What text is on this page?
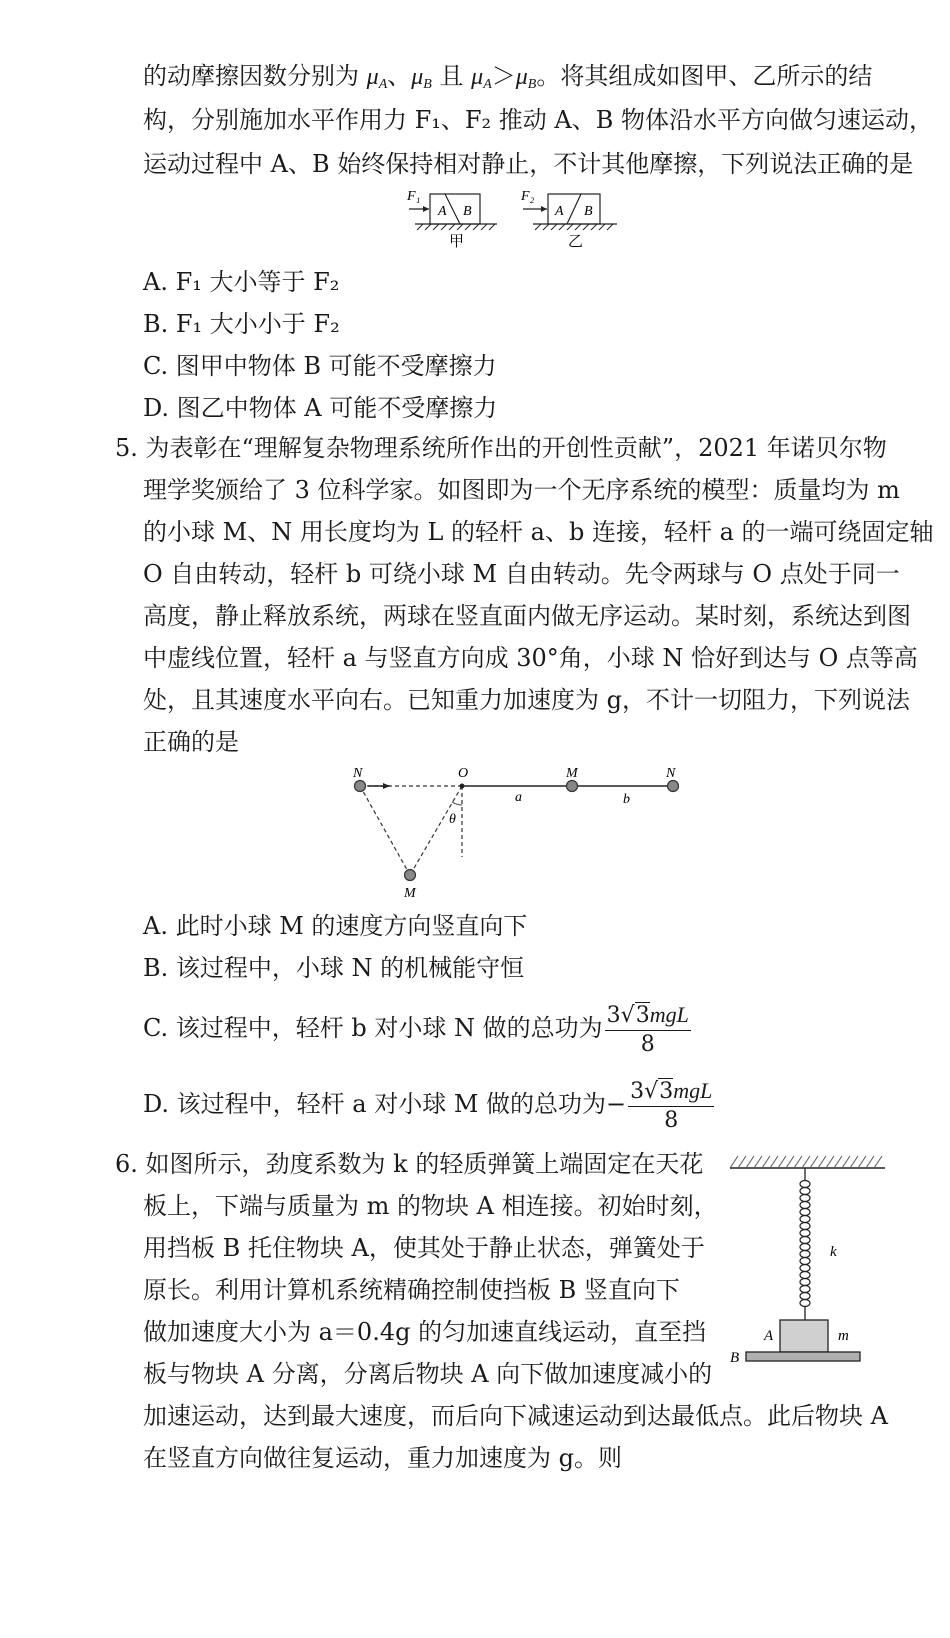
的动摩擦因数分别为 $\mu_A$、$\mu_B$ 且 $\mu_A>\mu_B$。将其组成如图甲、乙所示的结
构，分别施加水平作用力 F₁、F₂ 推动 A、B 物体沿水平方向做匀速运动，
运动过程中 A、B 始终保持相对静止，不计其他摩擦，下列说法正确的是
F₁
A B
甲
F₂
A B
乙
A. F₁ 大小等于 F₂
B. F₁ 大小小于 F₂
C. 图甲中物体 B 可能不受摩擦力
D. 图乙中物体 A 可能不受摩擦力
5. 为表彰在“理解复杂物理系统所作出的开创性贡献”，2021 年诺贝尔物
理学奖颁给了 3 位科学家。如图即为一个无序系统的模型：质量均为 m
的小球 M、N 用长度均为 L 的轻杆 a、b 连接，轻杆 a 的一端可绕固定轴
O 自由转动，轻杆 b 可绕小球 M 自由转动。先令两球与 O 点处于同一
高度，静止释放系统，两球在竖直面内做无序运动。某时刻，系统达到图
中虚线位置，轻杆 a 与竖直方向成 30°角，小球 N 恰好到达与 O 点等高
处，且其速度水平向右。已知重力加速度为 g，不计一切阻力，下列说法
正确的是
N	O	M	N
a	b
θ
M
A. 此时小球 M 的速度方向竖直向下
B. 该过程中，小球 N 的机械能守恒
C. 该过程中，轻杆 b 对小球 N 做的总功为 $\frac{\text{3√3mgL}}{8}$
D. 该过程中，轻杆 a 对小球 M 做的总功为− $\frac{\text{3√3mgL}}{8}$
6. 如图所示，劲度系数为 k 的轻质弹簧上端固定在天花
板上，下端与质量为 m 的物块 A 相连接。初始时刻，
用挡板 B 托住物块 A，使其处于静止状态，弹簧处于
原长。利用计算机系统精确控制使挡板 B 竖直向下
做加速度大小为 a＝0.4g 的匀加速直线运动，直至挡
板与物块 A 分离，分离后物块 A 向下做加速度减小的
加速运动，达到最大速度，而后向下减速运动到达最低点。此后物块 A
在竖直方向做往复运动，重力加速度为 g。则
k
A	m
B
